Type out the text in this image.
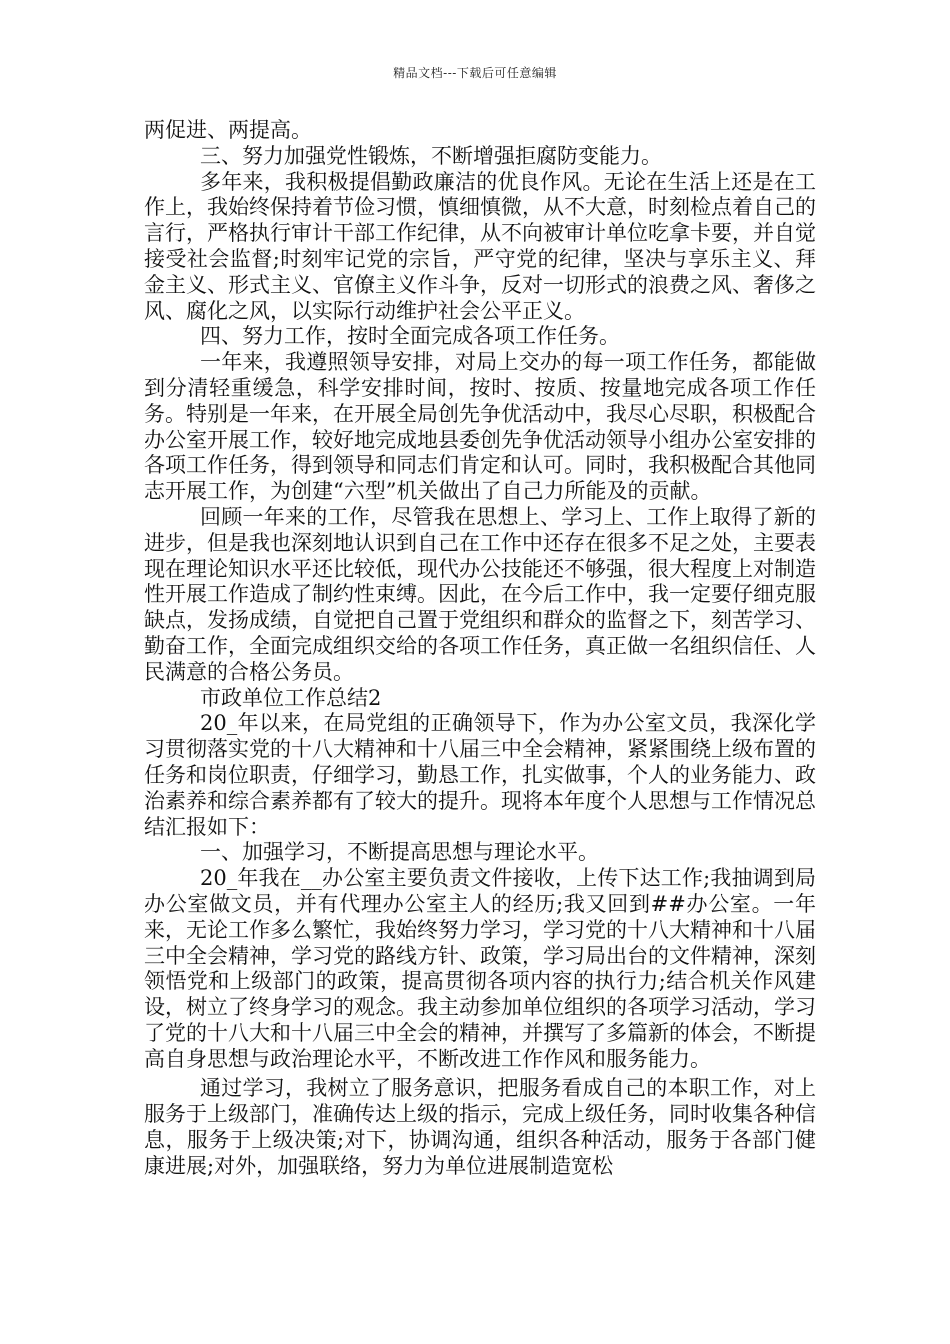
精品文档---下载后可任意编辑

两促进、两提高。

三、努力加强党性锻炼，不断增强拒腐防变能力。

多年来，我积极提倡勤政廉洁的优良作风。无论在生活上还是在工作上，我始终保持着节俭习惯，慎细慎微，从不大意，时刻检点着自己的言行，严格执行审计干部工作纪律，从不向被审计单位吃拿卡要，并自觉接受社会监督;时刻牢记党的宗旨，严守党的纪律，坚决与享乐主义、拜金主义、形式主义、官僚主义作斗争，反对一切形式的浪费之风、奢侈之风、腐化之风，以实际行动维护社会公平正义。

四、努力工作，按时全面完成各项工作任务。

一年来，我遵照领导安排，对局上交办的每一项工作任务，都能做到分清轻重缓急，科学安排时间，按时、按质、按量地完成各项工作任务。特别是一年来，在开展全局创先争优活动中，我尽心尽职，积极配合办公室开展工作，较好地完成地县委创先争优活动领导小组办公室安排的各项工作任务，得到领导和同志们肯定和认可。同时，我积极配合其他同志开展工作，为创建“六型”机关做出了自己力所能及的贡献。

回顾一年来的工作，尽管我在思想上、学习上、工作上取得了新的进步，但是我也深刻地认识到自己在工作中还存在很多不足之处，主要表现在理论知识水平还比较低，现代办公技能还不够强，很大程度上对制造性开展工作造成了制约性束缚。因此，在今后工作中，我一定要仔细克服缺点，发扬成绩，自觉把自己置于党组织和群众的监督之下，刻苦学习、勤奋工作，全面完成组织交给的各项工作任务，真正做一名组织信任、人民满意的合格公务员。

市政单位工作总结2

20_年以来，在局党组的正确领导下，作为办公室文员，我深化学习贯彻落实党的十八大精神和十八届三中全会精神，紧紧围绕上级布置的任务和岗位职责，仔细学习，勤恳工作，扎实做事，个人的业务能力、政治素养和综合素养都有了较大的提升。现将本年度个人思想与工作情况总结汇报如下：

一、加强学习，不断提高思想与理论水平。

20_年我在__办公室主要负责文件接收，上传下达工作;我抽调到局办公室做文员，并有代理办公室主人的经历;我又回到##办公室。一年来，无论工作多么繁忙，我始终努力学习，学习党的十八大精神和十八届三中全会精神，学习党的路线方针、政策，学习局出台的文件精神，深刻领悟党和上级部门的政策，提高贯彻各项内容的执行力;结合机关作风建设，树立了终身学习的观念。我主动参加单位组织的各项学习活动，学习了党的十八大和十八届三中全会的精神，并撰写了多篇新的体会，不断提高自身思想与政治理论水平，不断改进工作作风和服务能力。

通过学习，我树立了服务意识，把服务看成自己的本职工作，对上服务于上级部门，准确传达上级的指示，完成上级任务，同时收集各种信息，服务于上级决策;对下，协调沟通，组织各种活动，服务于各部门健康进展;对外，加强联络，努力为单位进展制造宽松
